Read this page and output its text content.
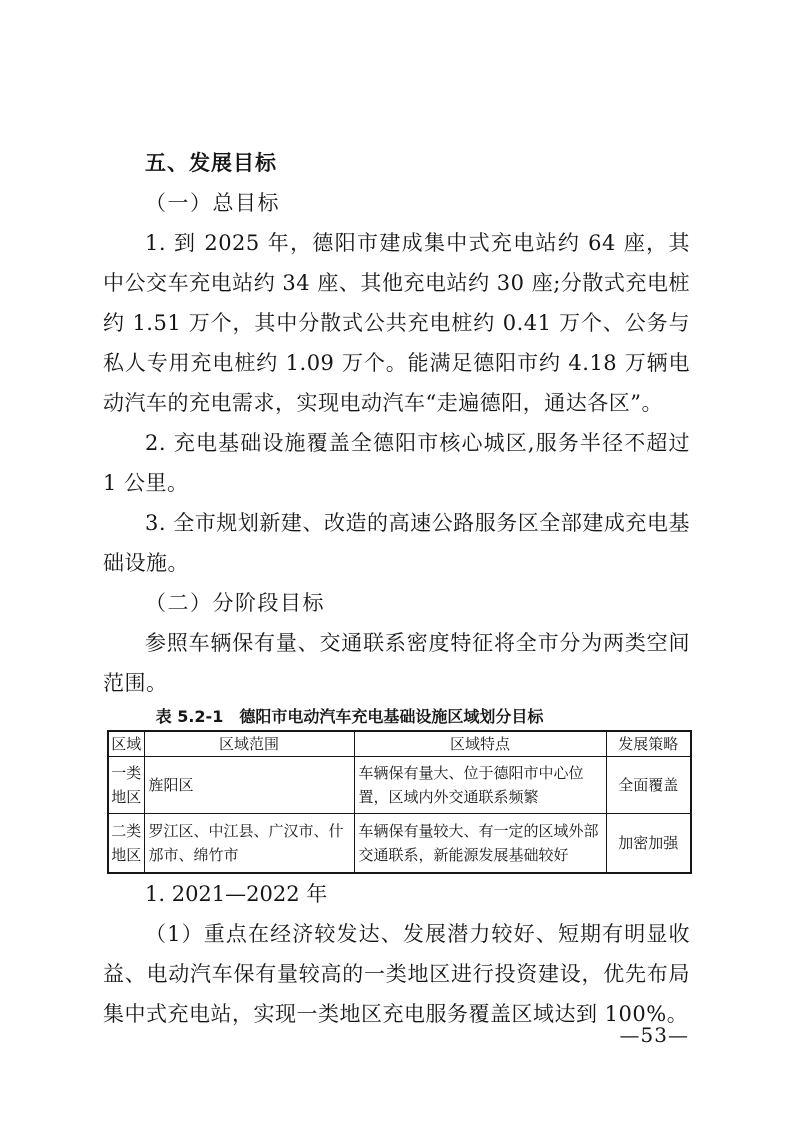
五、发展目标
（一）总目标

1. 到 2025 年，德阳市建成集中式充电站约 64 座，其中公交车充电站约 34 座、其他充电站约 30 座;分散式充电桩约 1.51 万个，其中分散式公共充电桩约 0.41 万个、公务与私人专用充电桩约 1.09 万个。能满足德阳市约 4.18 万辆电动汽车的充电需求，实现电动汽车“走遍德阳，通达各区”。

2. 充电基础设施覆盖全德阳市核心城区,服务半径不超过 1 公里。

3. 全市规划新建、改造的高速公路服务区全部建成充电基础设施。

（二）分阶段目标

参照车辆保有量、交通联系密度特征将全市分为两类空间范围。

表 5.2-1　德阳市电动汽车充电基础设施区域划分目标
区域	区域范围	区域特点	发展策略
一类地区	旌阳区	车辆保有量大、位于德阳市中心位置，区域内外交通联系频繁	全面覆盖
二类地区	罗江区、中江县、广汉市、什邡市、绵竹市	车辆保有量较大、有一定的区域外部交通联系，新能源发展基础较好	加密加强
1. 2021—2022 年

（1）重点在经济较发达、发展潜力较好、短期有明显收益、电动汽车保有量较高的一类地区进行投资建设，优先布局集中式充电站，实现一类地区充电服务覆盖区域达到 100%。

—53—
